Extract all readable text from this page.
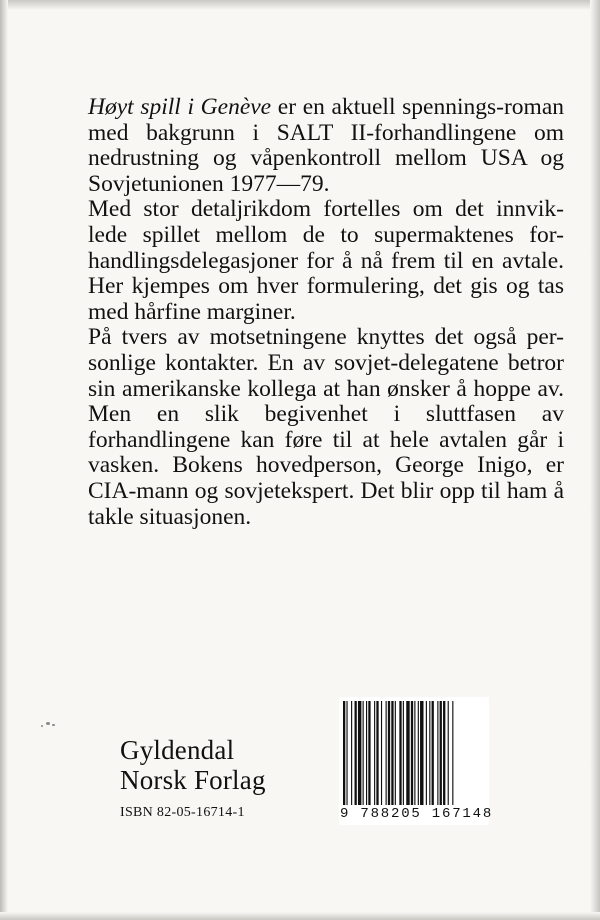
Høyt spill i Genève er en aktuell spennings-roman med bakgrunn i SALT II-forhandlingene om nedrustning og våpenkontroll mellom USA og Sovjetunionen 1977—79.

Med stor detaljrikdom fortelles om det innvik-lede spillet mellom de to supermaktenes for-handlingsdelegasjoner for å nå frem til en avtale. Her kjempes om hver formulering, det gis og tas med hårfine marginer.

På tvers av motsetningene knyttes det også per-sonlige kontakter. En av sovjet-delegatene betror sin amerikanske kollega at han ønsker å hoppe av. Men en slik begivenhet i sluttfasen av forhandlingene kan føre til at hele avtalen går i vasken. Bokens hovedperson, George Inigo, er CIA-mann og sovjetekspert. Det blir opp til ham å takle situasjonen.

Gyldendal
Norsk Forlag
ISBN 82-05-16714-1	9 788205 167148
